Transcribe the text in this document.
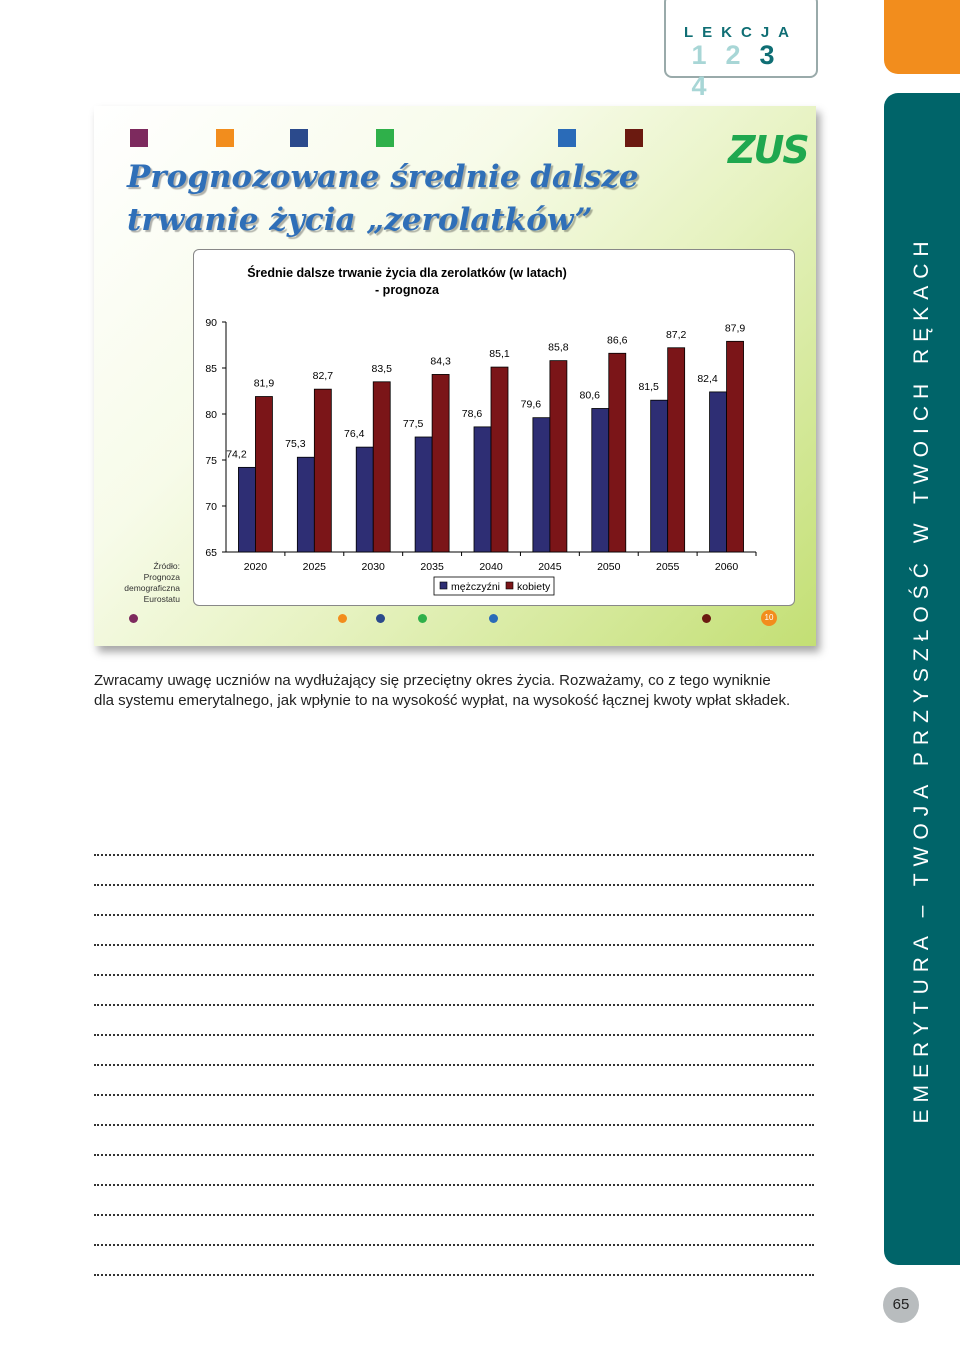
LEKCJA
1 2 34
EMERYTURA – TWOJA PRZYSZŁOŚĆ W TWOICH RĘKACH
65
Prognozowane średnie dalsze
trwanie życia „zerolatków”
ZUS
Źródło:
Prognoza
demograficzna
Eurostatu
Średnie dalsze trwanie życia dla zerolatków (w latach)
- prognoza
65
70
75
80
85
90
2020
74,2
81,9
2025
75,3
82,7
2030
76,4
83,5
2035
77,5
84,3
2040
78,6
85,1
2045
79,6
85,8
2050
80,6
86,6
2055
81,5
87,2
2060
82,4
87,9
mężczyźni kobiety
10

Zwracamy uwagę uczniów na wydłużający się przeciętny okres życia. Rozważamy, co z tego wyniknie dla systemu emerytalnego, jak wpłynie to na wysokość wypłat, na wysokość łącznej kwoty wpłat składek.
